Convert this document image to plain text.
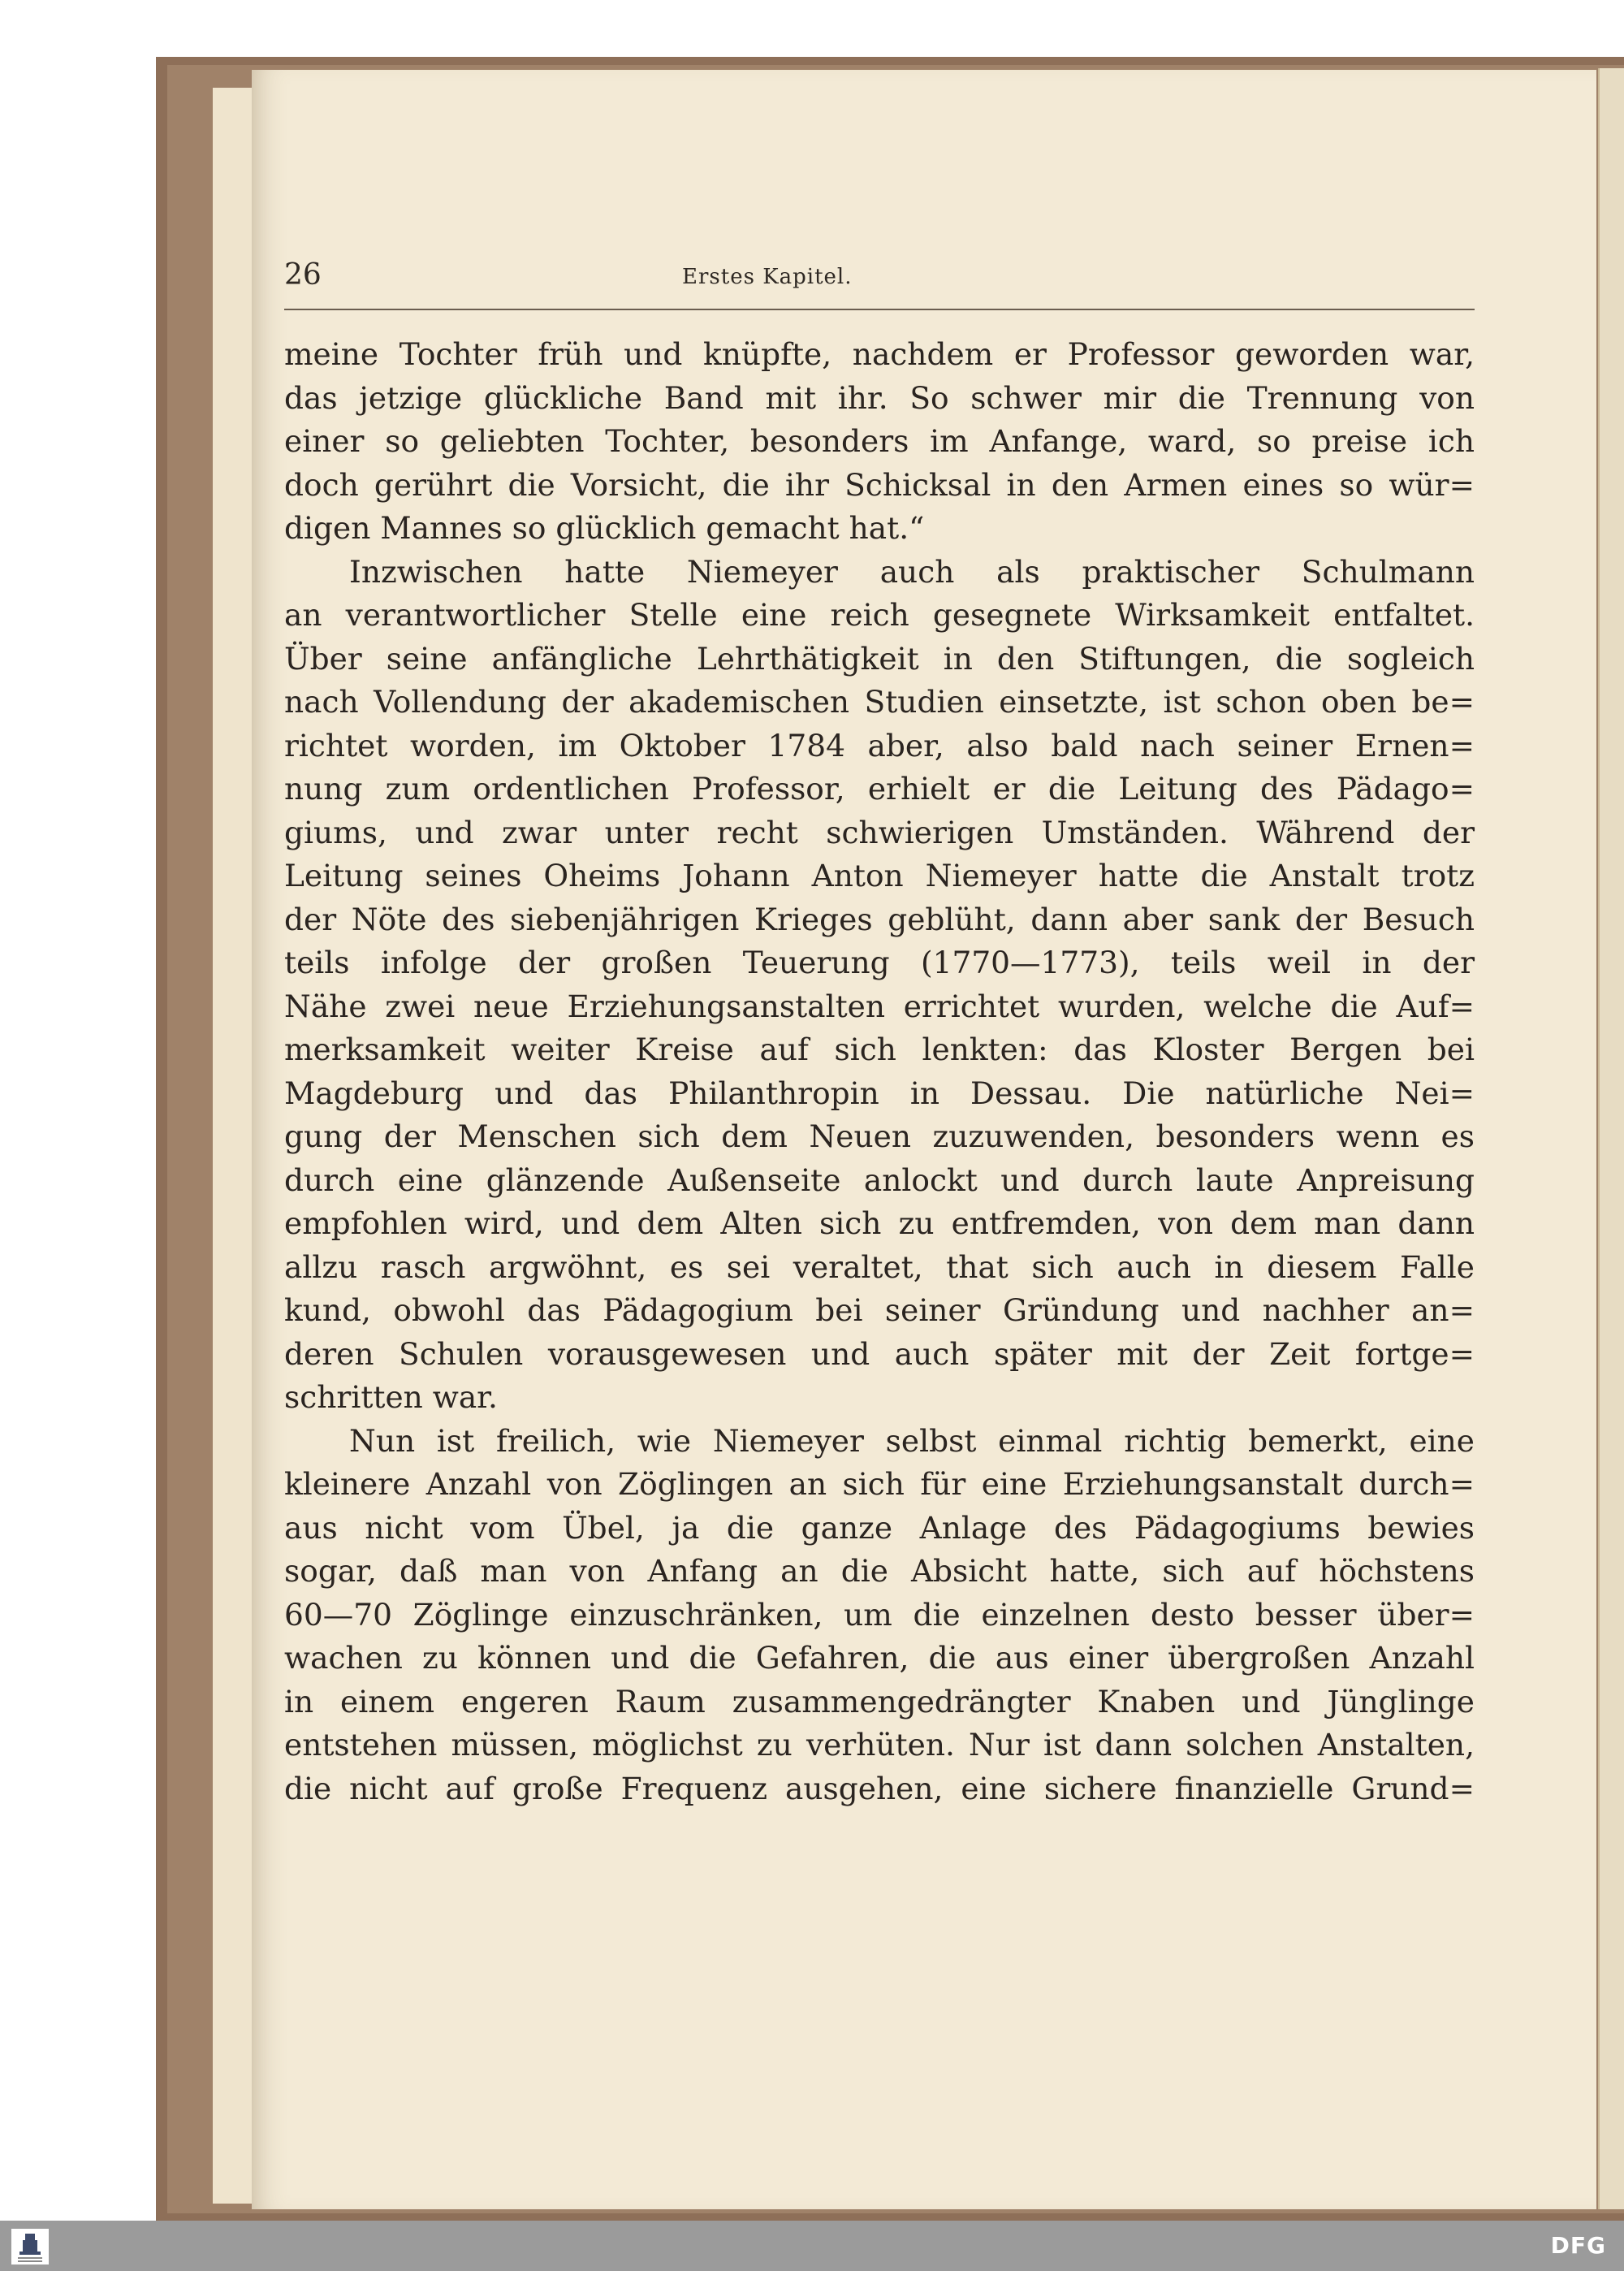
26	Erstes Kapitel.
meine Tochter früh und knüpfte, nachdem er Professor geworden war,
das jetzige glückliche Band mit ihr. So schwer mir die Trennung von
einer so geliebten Tochter, besonders im Anfange, ward, so preise ich
doch gerührt die Vorsicht, die ihr Schicksal in den Armen eines so wür=
digen Mannes so glücklich gemacht hat.“
Inzwischen hatte Niemeyer auch als praktischer Schulmann
an verantwortlicher Stelle eine reich gesegnete Wirksamkeit entfaltet.
Über seine anfängliche Lehrthätigkeit in den Stiftungen, die sogleich
nach Vollendung der akademischen Studien einsetzte, ist schon oben be=
richtet worden, im Oktober 1784 aber, also bald nach seiner Ernen=
nung zum ordentlichen Professor, erhielt er die Leitung des Pädago=
giums, und zwar unter recht schwierigen Umständen. Während der
Leitung seines Oheims Johann Anton Niemeyer hatte die Anstalt trotz
der Nöte des siebenjährigen Krieges geblüht, dann aber sank der Besuch
teils infolge der großen Teuerung (1770—1773), teils weil in der
Nähe zwei neue Erziehungsanstalten errichtet wurden, welche die Auf=
merksamkeit weiter Kreise auf sich lenkten: das Kloster Bergen bei
Magdeburg und das Philanthropin in Dessau. Die natürliche Nei=
gung der Menschen sich dem Neuen zuzuwenden, besonders wenn es
durch eine glänzende Außenseite anlockt und durch laute Anpreisung
empfohlen wird, und dem Alten sich zu entfremden, von dem man dann
allzu rasch argwöhnt, es sei veraltet, that sich auch in diesem Falle
kund, obwohl das Pädagogium bei seiner Gründung und nachher an=
deren Schulen vorausgewesen und auch später mit der Zeit fortge=
schritten war.
Nun ist freilich, wie Niemeyer selbst einmal richtig bemerkt, eine
kleinere Anzahl von Zöglingen an sich für eine Erziehungsanstalt durch=
aus nicht vom Übel, ja die ganze Anlage des Pädagogiums bewies
sogar, daß man von Anfang an die Absicht hatte, sich auf höchstens
60—70 Zöglinge einzuschränken, um die einzelnen desto besser über=
wachen zu können und die Gefahren, die aus einer übergroßen Anzahl
in einem engeren Raum zusammengedrängter Knaben und Jünglinge
entstehen müssen, möglichst zu verhüten. Nur ist dann solchen Anstalten,
die nicht auf große Frequenz ausgehen, eine sichere finanzielle Grund=
DFG
